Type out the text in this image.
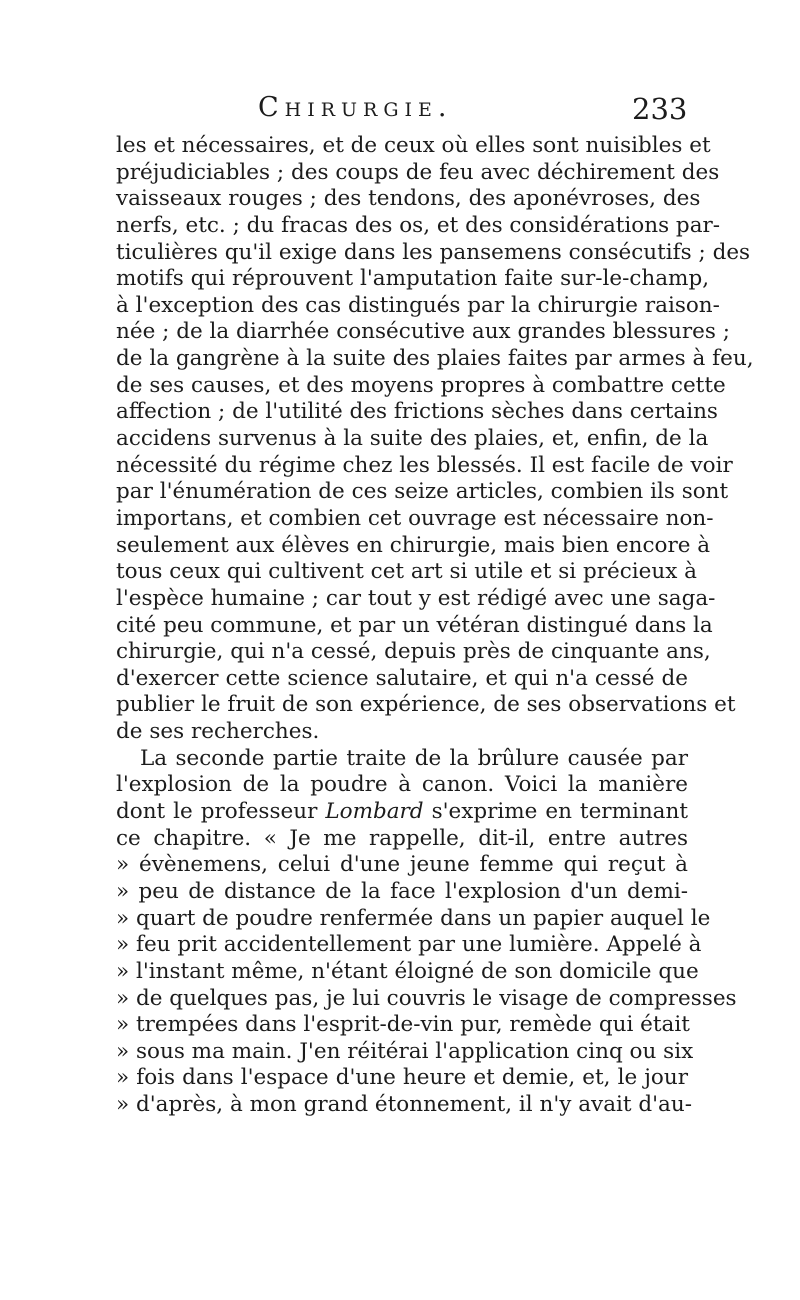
Chirurgie.	233
les et nécessaires, et de ceux où elles sont nuisibles et
préjudiciables ; des coups de feu avec déchirement des
vaisseaux rouges ; des tendons, des aponévroses, des
nerfs, etc. ; du fracas des os, et des considérations par-
ticulières qu'il exige dans les pansemens consécutifs ; des
motifs qui réprouvent l'amputation faite sur-le-champ,
à l'exception des cas distingués par la chirurgie raison-
née ; de la diarrhée consécutive aux grandes blessures ;
de la gangrène à la suite des plaies faites par armes à feu,
de ses causes, et des moyens propres à combattre cette
affection ; de l'utilité des frictions sèches dans certains
accidens survenus à la suite des plaies, et, enfin, de la
nécessité du régime chez les blessés. Il est facile de voir
par l'énumération de ces seize articles, combien ils sont
importans, et combien cet ouvrage est nécessaire non-
seulement aux élèves en chirurgie, mais bien encore à
tous ceux qui cultivent cet art si utile et si précieux à
l'espèce humaine ; car tout y est rédigé avec une saga-
cité peu commune, et par un vétéran distingué dans la
chirurgie, qui n'a cessé, depuis près de cinquante ans,
d'exercer cette science salutaire, et qui n'a cessé de
publier le fruit de son expérience, de ses observations et
de ses recherches.
La seconde partie traite de la brûlure causée par
l'explosion de la poudre à canon. Voici la manière
dont le professeur Lombard s'exprime en terminant
ce chapitre. « Je me rappelle, dit-il, entre autres
» évènemens, celui d'une jeune femme qui reçut à
» peu de distance de la face l'explosion d'un demi-
» quart de poudre renfermée dans un papier auquel le
» feu prit accidentellement par une lumière. Appelé à
» l'instant même, n'étant éloigné de son domicile que
» de quelques pas, je lui couvris le visage de compresses
» trempées dans l'esprit-de-vin pur, remède qui était
» sous ma main. J'en réitérai l'application cinq ou six
» fois dans l'espace d'une heure et demie, et, le jour
» d'après, à mon grand étonnement, il n'y avait d'au-
